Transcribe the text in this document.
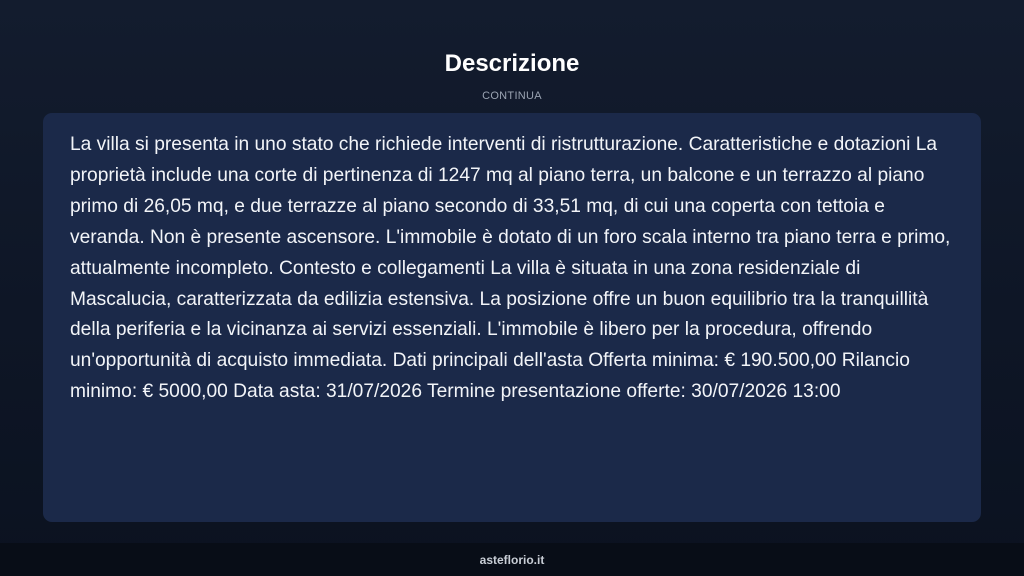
Descrizione
CONTINUA

La villa si presenta in uno stato che richiede interventi di ristrutturazione. Caratteristiche e dotazioni La proprietà include una corte di pertinenza di 1247 mq al piano terra, un balcone e un terrazzo al piano primo di 26,05 mq, e due terrazze al piano secondo di 33,51 mq, di cui una coperta con tettoia e veranda. Non è presente ascensore. L'immobile è dotato di un foro scala interno tra piano terra e primo, attualmente incompleto. Contesto e collegamenti La villa è situata in una zona residenziale di Mascalucia, caratterizzata da edilizia estensiva. La posizione offre un buon equilibrio tra la tranquillità della periferia e la vicinanza ai servizi essenziali. L'immobile è libero per la procedura, offrendo un'opportunità di acquisto immediata. Dati principali dell'asta Offerta minima: € 190.500,00 Rilancio minimo: € 5000,00 Data asta: 31/07/2026 Termine presentazione offerte: 30/07/2026 13:00

asteflorio.it
